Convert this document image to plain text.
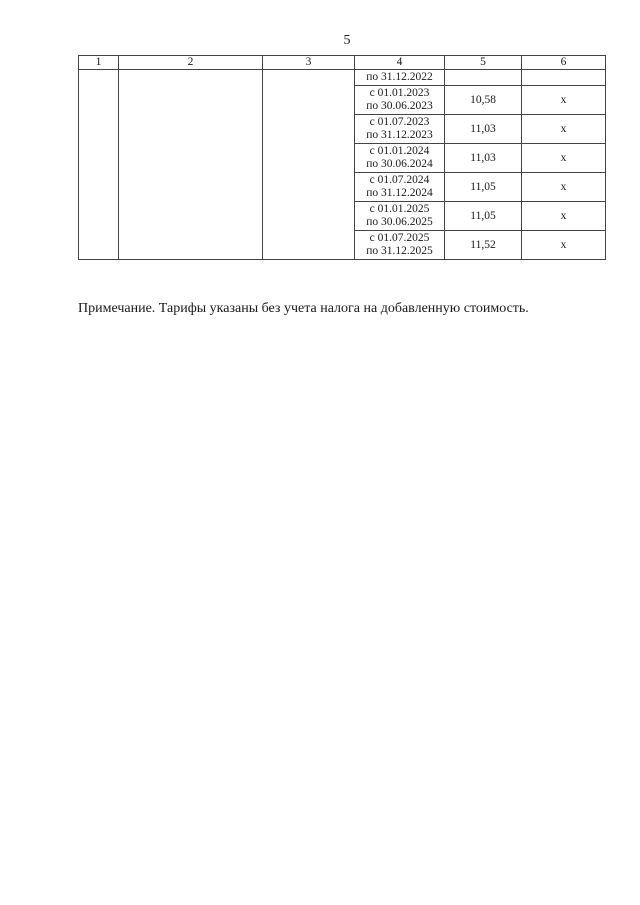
5
1	2	3	4	5	6

			по 31.12.2022		

			с 01.01.2023
по 30.06.2023	10,58	x

			с 01.07.2023
по 31.12.2023	11,03	x

			с 01.01.2024
по 30.06.2024	11,03	x

			с 01.07.2024
по 31.12.2024	11,05	x

			с 01.01.2025
по 30.06.2025	11,05	x

			с 01.07.2025
по 31.12.2025	11,52	x
Примечание. Тарифы указаны без учета налога на добавленную стоимость.
